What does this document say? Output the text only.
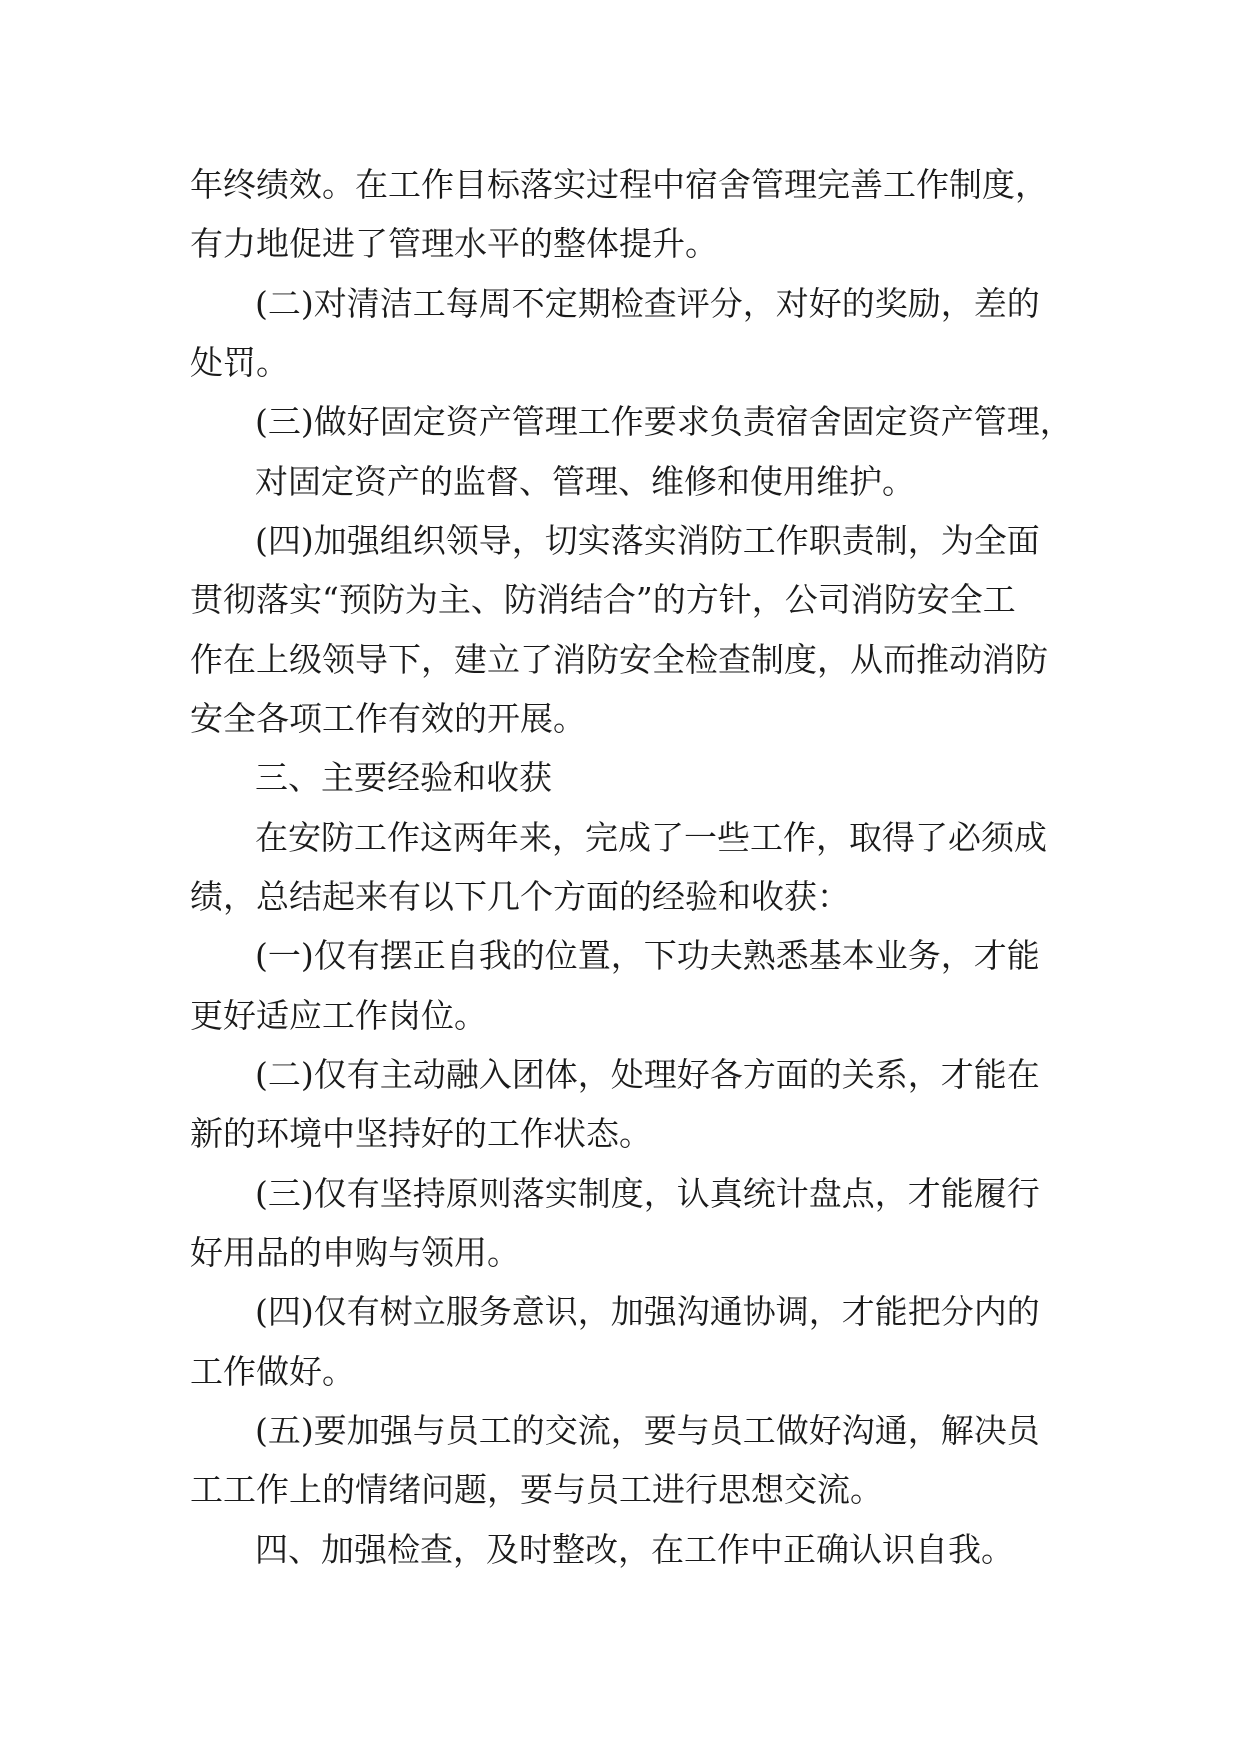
年终绩效。在工作目标落实过程中宿舍管理完善工作制度，
有力地促进了管理水平的整体提升。
(二)对清洁工每周不定期检查评分，对好的奖励，差的
处罚。
(三)做好固定资产管理工作要求负责宿舍固定资产管理，
对固定资产的监督、管理、维修和使用维护。
(四)加强组织领导，切实落实消防工作职责制，为全面
贯彻落实“预防为主、防消结合”的方针，公司消防安全工
作在上级领导下，建立了消防安全检查制度，从而推动消防
安全各项工作有效的开展。
三、主要经验和收获
在安防工作这两年来，完成了一些工作，取得了必须成
绩，总结起来有以下几个方面的经验和收获：
(一)仅有摆正自我的位置，下功夫熟悉基本业务，才能
更好适应工作岗位。
(二)仅有主动融入团体，处理好各方面的关系，才能在
新的环境中坚持好的工作状态。
(三)仅有坚持原则落实制度，认真统计盘点，才能履行
好用品的申购与领用。
(四)仅有树立服务意识，加强沟通协调，才能把分内的
工作做好。
(五)要加强与员工的交流，要与员工做好沟通，解决员
工工作上的情绪问题，要与员工进行思想交流。
四、加强检查，及时整改，在工作中正确认识自我。
